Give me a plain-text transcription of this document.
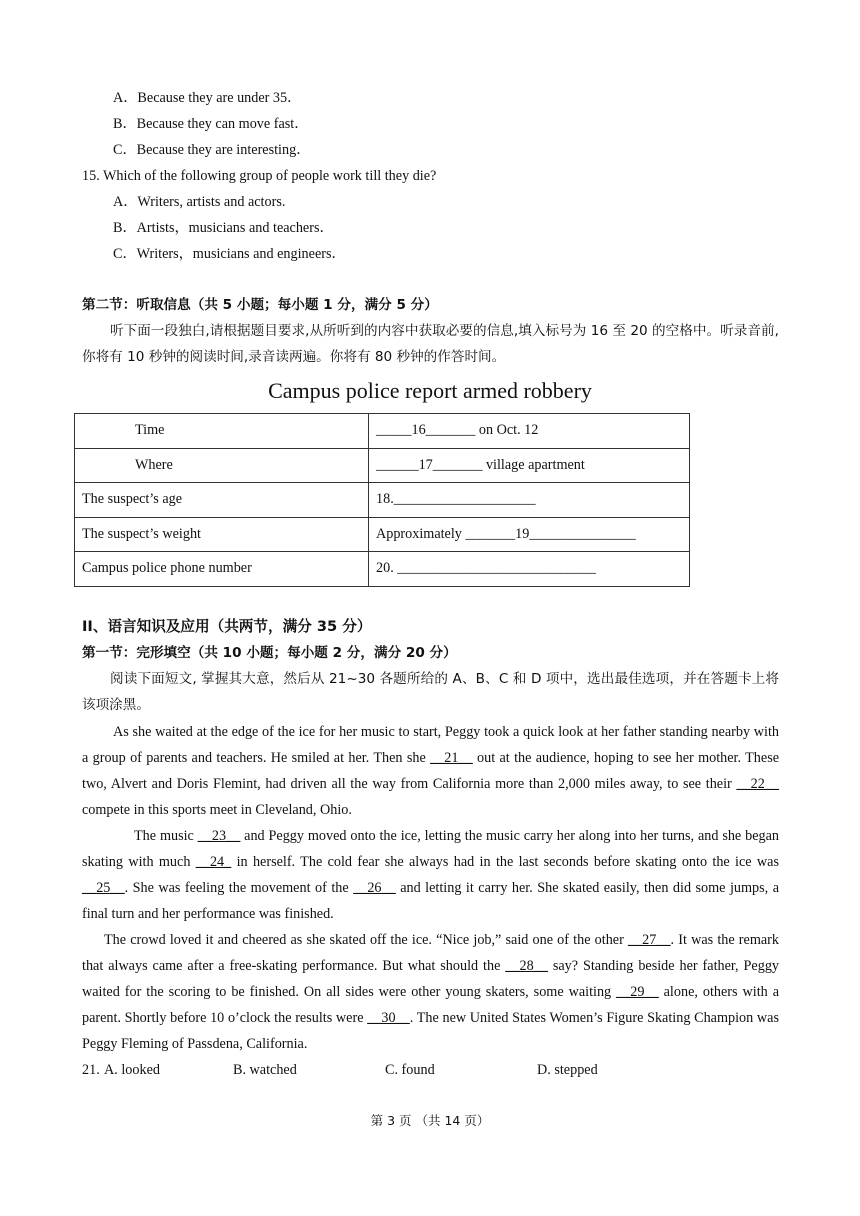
A．Because they are under 35．
B．Because they can move fast．
C．Because they are interesting．
15. Which of the following group of people work till they die?
A．Writers, artists and actors.
B．Artists，musicians and teachers．
C．Writers，musicians and engineers．
第二节：听取信息（共 5 小题；每小题 1 分，满分 5 分）
听下面一段独白,请根据题目要求,从所听到的内容中获取必要的信息,填入标号为 16 至 20 的空格中。听录音前,你将有 10 秒钟的阅读时间,录音读两遍。你将有 80 秒钟的作答时间。
Campus police report armed robbery
Time	_____16_______ on Oct. 12
Where	______17_______ village apartment
The suspect’s age	18.____________________
The suspect’s weight	Approximately _______19_______________
Campus police phone number	20. ____________________________
II、语言知识及应用（共两节，满分 35 分）
第一节：完形填空（共 10 小题；每小题 2 分，满分 20 分）
阅读下面短文, 掌握其大意，然后从 21~30 各题所给的 A、B、C 和 D 项中，选出最佳选项，并在答题卡上将该项涂黑。
As she waited at the edge of the ice for her music to start, Peggy took a quick look at her father standing nearby with a group of parents and teachers. He smiled at her. Then she __21__ out at the audience, hoping to see her mother. These two, Alvert and Doris Flemint, had driven all the way from California more than 2,000 miles away, to see their __22__ compete in this sports meet in Cleveland, Ohio.
The music __23__ and Peggy moved onto the ice, letting the music carry her along into her turns, and she began skating with much __24_ in herself. The cold fear she always had in the last seconds before skating onto the ice was __25__. She was feeling the movement of the __26__ and letting it carry her. She skated easily, then did some jumps, a final turn and her performance was finished.
The crowd loved it and cheered as she skated off the ice. “Nice job,” said one of the other __27__. It was the remark that always came after a free-skating performance. But what should the __28__ say? Standing beside her father, Peggy waited for the scoring to be finished. On all sides were other young skaters, some waiting __29__ alone, others with a parent. Shortly before 10 o’clock the results were __30__. The new United States Women’s Figure Skating Champion was Peggy Fleming of Passdena, California.
21. A. looked	B. watched	C. found	D. stepped
第 3 页 （共 14 页）
